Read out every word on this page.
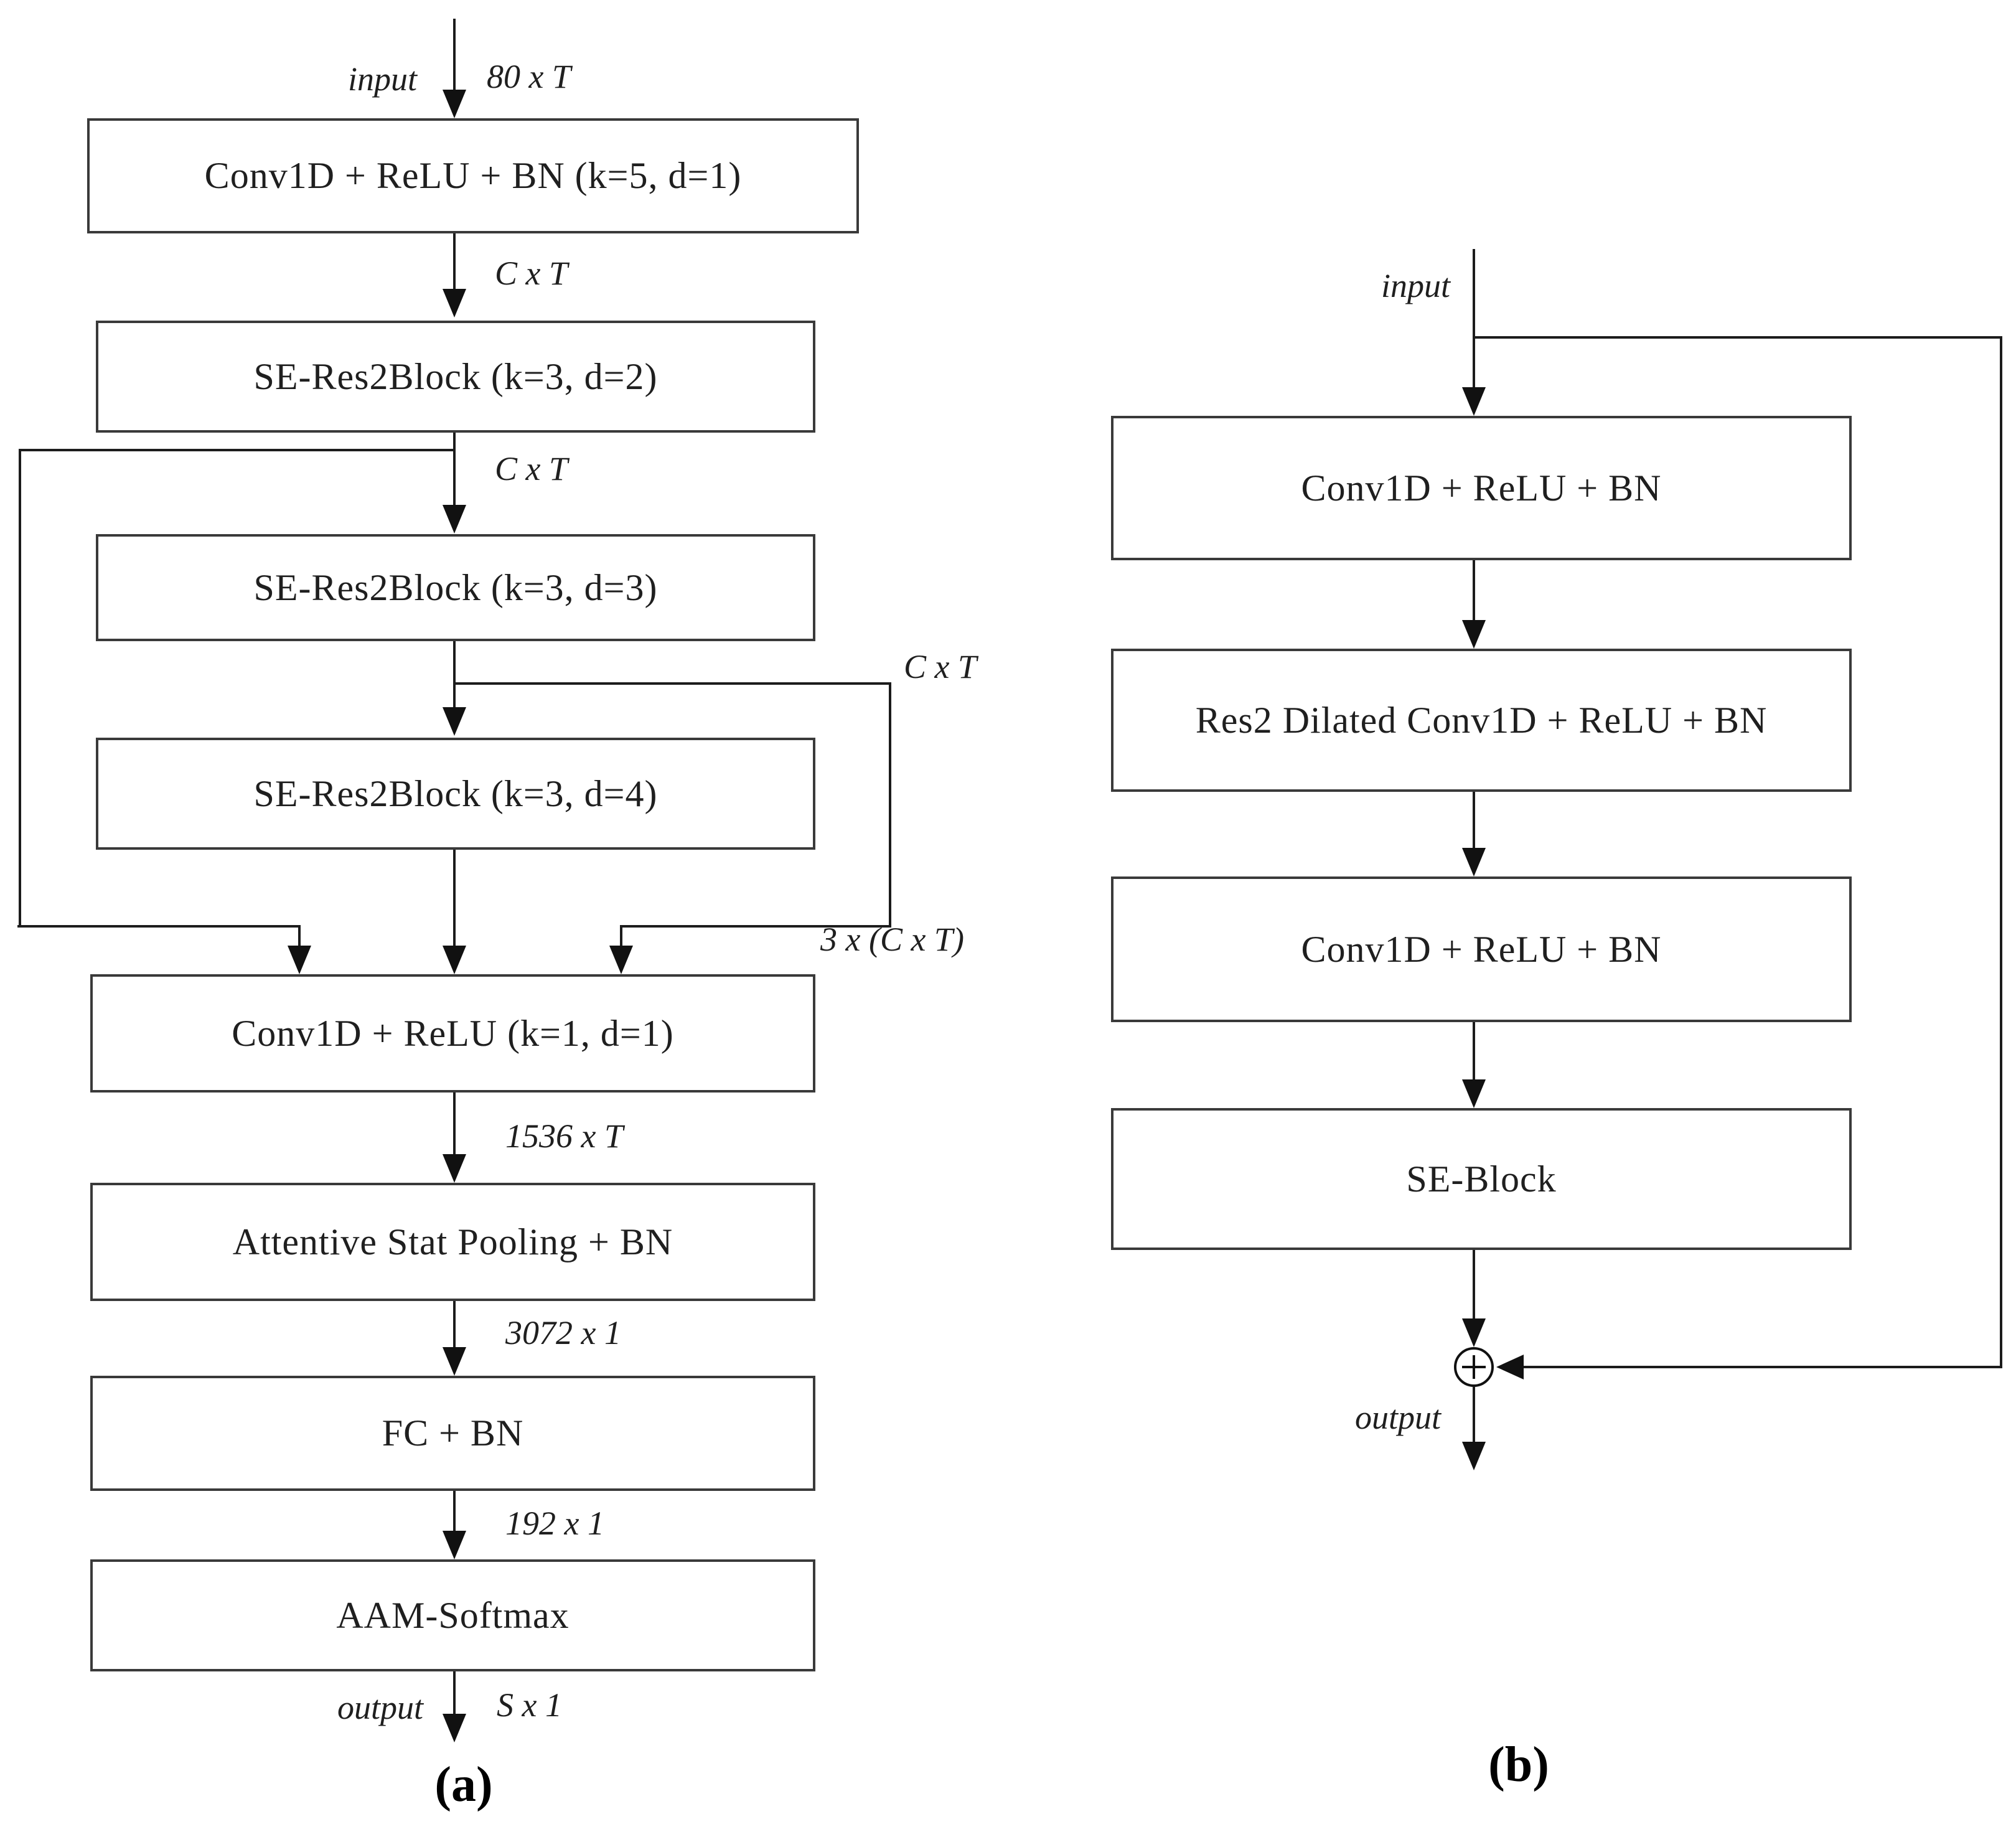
input 80 x T
Conv1D + ReLU + BN (k=5, d=1)
C x T
SE-Res2Block (k=3, d=2)
C x T
SE-Res2Block (k=3, d=3)
C x T
SE-Res2Block (k=3, d=4)
3 x (C x T)
Conv1D + ReLU (k=1, d=1)
1536 x T
Attentive Stat Pooling + BN
3072 x 1
FC + BN
192 x 1
AAM-Softmax
output S x 1
(a)
input
Conv1D + ReLU + BN
Res2 Dilated Conv1D + ReLU + BN
Conv1D + ReLU + BN
SE-Block
output
(b)
